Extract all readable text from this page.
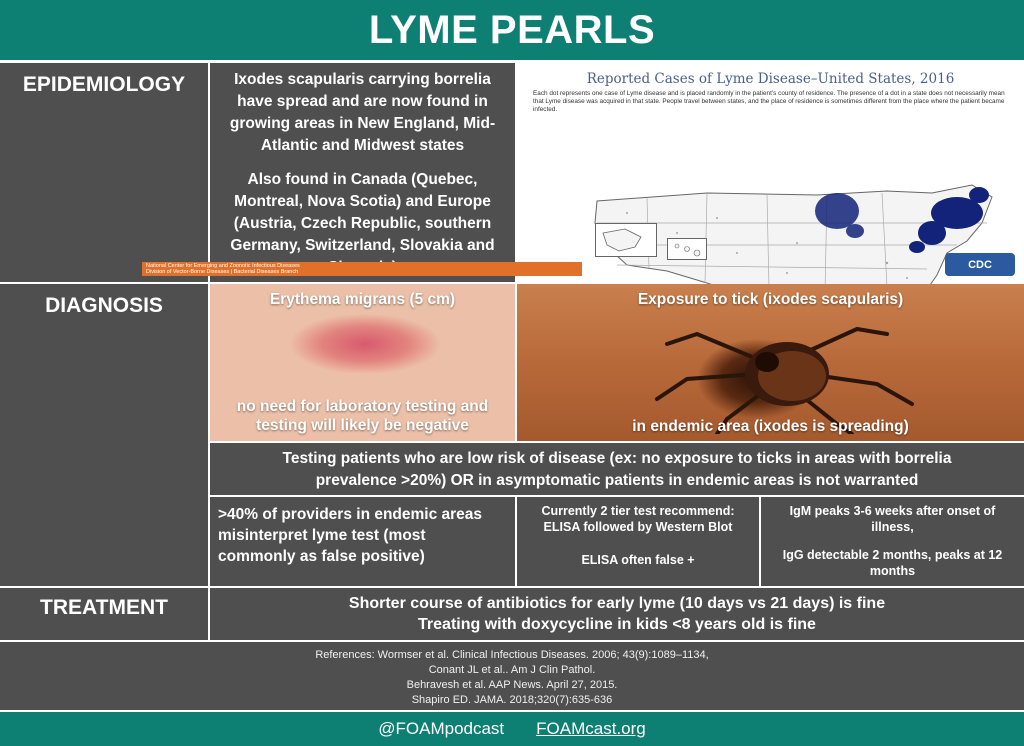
LYME PEARLS
EPIDEMIOLOGY	Ixodes scapularis carrying borrelia have spread and are now found in growing areas in New England, Mid-Atlantic and Midwest states

Also found in Canada (Quebec, Montreal, Nova Scotia) and Europe (Austria, Czech Republic, southern Germany, Switzerland, Slovakia and

Reported Cases of Lyme Disease–United States, 2016
Each dot represents one case of Lyme disease and is placed randomly in the patient’s county of residence. The presence of a dot in a state does not necessarily mean that Lyme disease was acquired in that state. People travel between states, and the place of residence is sometimes different from the place where the patient became infected.
National Center for Emerging and Zoonotic Infectious Diseases
Division of Vector-Borne Diseases | Bacterial Diseases Branch
CDC
DIAGNOSIS	Erythema migrans (5 cm)
no need for laboratory testing and testing will likely be negative
Exposure to tick (ixodes scapularis)
in endemic area (ixodes is spreading)
Testing patients who are low risk of disease (ex: no exposure to ticks in areas with borrelia prevalence >20%) OR in asymptomatic patients in endemic areas is not warranted
>40% of providers in endemic areas misinterpret lyme test (most commonly as false positive)
Currently 2 tier test recommend: ELISA followed by Western Blot
ELISA often false +
IgM peaks 3-6 weeks after onset of illness,
IgG detectable 2 months, peaks at 12 months
TREATMENT	Shorter course of antibiotics for early lyme (10 days vs 21 days) is fine
Treating with doxycycline in kids <8 years old is fine
References: Wormser et al. Clinical Infectious Diseases. 2006; 43(9):1089–1134,
Conant JL et al.. Am J Clin Pathol.
Behravesh et al. AAP News. April 27, 2015.
Shapiro ED. JAMA. 2018;320(7):635-636
@FOAMpodcast FOAMcast.org
